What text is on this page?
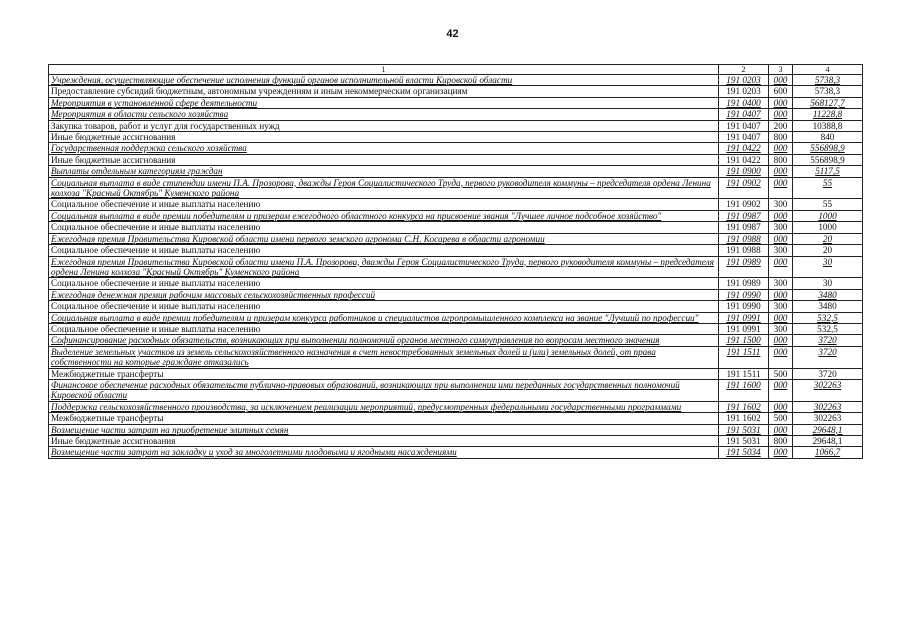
42
1	2	3	4
Учреждения, осуществляющие обеспечение исполнения функций органов исполнительной власти Кировской области	191 0203	000	5738,3
Предоставление субсидий бюджетным, автономным учреждениям и иным некоммерческим организациям	191 0203	600	5738,3
Мероприятия в установленной сфере деятельности	191 0400	000	568127,7
Мероприятия в области сельского хозяйства	191 0407	000	11228,8
Закупка товаров, работ и услуг для государственных нужд	191 0407	200	10388,8
Иные бюджетные ассигнования	191 0407	800	840
Государственная поддержка сельского хозяйства	191 0422	000	556898,9
Иные бюджетные ассигнования	191 0422	800	556898,9
Выплаты отдельным категориям граждан	191 0900	000	5117,5
Социальная выплата в виде стипендии имени П.А. Прозорова, дважды Героя Социалистического Труда, первого руководителя коммуны – председателя ордена Ленина колхоза "Красный Октябрь" Куменского района	191 0902	000	55
Социальное обеспечение и иные выплаты населению	191 0902	300	55
Социальная выплата в виде премии победителям и призерам ежегодного областного конкурса на присвоение звания "Лучшее личное подсобное хозяйство"	191 0987	000	1000
Социальное обеспечение и иные выплаты населению	191 0987	300	1000
Ежегодная премия Правительства Кировской области имени первого земского агронома С.Н. Косарева в области агрономии	191 0988	000	20
Социальное обеспечение и иные выплаты населению	191 0988	300	20
Ежегодная премия Правительства Кировской области имени П.А. Прозорова, дважды Героя Социалистического Труда, первого руководителя коммуны – председателя ордена Ленина колхоза "Красный Октябрь" Куменского района	191 0989	000	30
Социальное обеспечение и иные выплаты населению	191 0989	300	30
Ежегодная денежная премия рабочим массовых сельскохозяйственных профессий	191 0990	000	3480
Социальное обеспечение и иные выплаты населению	191 0990	300	3480
Социальная выплата в виде премии победителям и призерам конкурса работников и специалистов агропромышленного комплекса на звание "Лучший по профессии"	191 0991	000	532,5
Социальное обеспечение и иные выплаты населению	191 0991	300	532,5
Софинансирование расходных обязательств, возникающих при выполнении полномочий органов местного самоуправления по вопросам местного значения	191 1500	000	3720
Выделение земельных участков из земель сельскохозяйственного назначения в счет невостребованных земельных долей и (или) земельных долей, от права собственности на которые граждане отказались	191 1511	000	3720
Межбюджетные трансферты	191 1511	500	3720
Финансовое обеспечение расходных обязательств публично-правовых образований, возникающих при выполнении ими переданных государственных полномочий Кировской области	191 1600	000	302263
Поддержка сельскохозяйственного производства, за исключением реализации мероприятий, предусмотренных федеральными государственными программами	191 1602	000	302263
Межбюджетные трансферты	191 1602	500	302263
Возмещение части затрат на приобретение элитных семян	191 5031	000	29648,1
Иные бюджетные ассигнования	191 5031	800	29648,1
Возмещение части затрат на закладку и уход за многолетними плодовыми и ягодными насаждениями	191 5034	000	1066,7
